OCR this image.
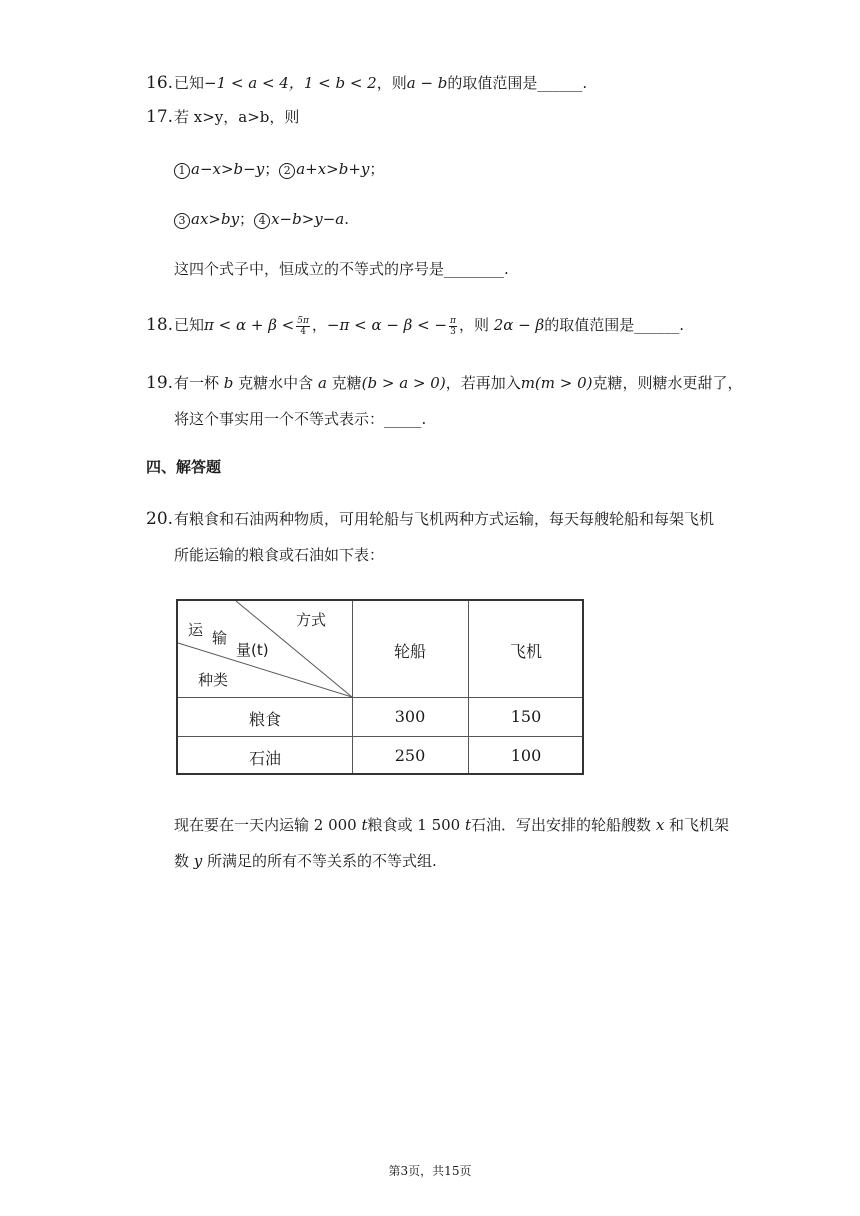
16.已知−1 < a < 4，1 < b < 2，则a − b的取值范围是______.
17.若 x>y，a>b，则
1 a−x>b−y； 2 a+x>b+y；
3 ax>by； 4 x−b>y−a.
这四个式子中，恒成立的不等式的序号是________.
18.已知$\pi < \alpha + \beta < \frac{5\pi}{4}$ ，−π < α − β < − $\frac{\pi}{3}$ ，则 2α − β的取值范围是______.
19.有一杯 b 克糖水中含 a 克糖(b > a > 0)，若再加入m(m > 0)克糖，则糖水更甜了，
将这个事实用一个不等式表示：_____.
四、解答题
20.有粮食和石油两种物质，可用轮船与飞机两种方式运输，每天每艘轮船和每架飞机
所能运输的粮食或石油如下表：
方式
运 输
量(t)
种类
轮船	飞机
粮食	300	150
石油	250	100
现在要在一天内运输 2 000 t粮食或 1 500 t石油．写出安排的轮船艘数 x 和飞机架
数 y 所满足的所有不等关系的不等式组.
第3页，共15页
